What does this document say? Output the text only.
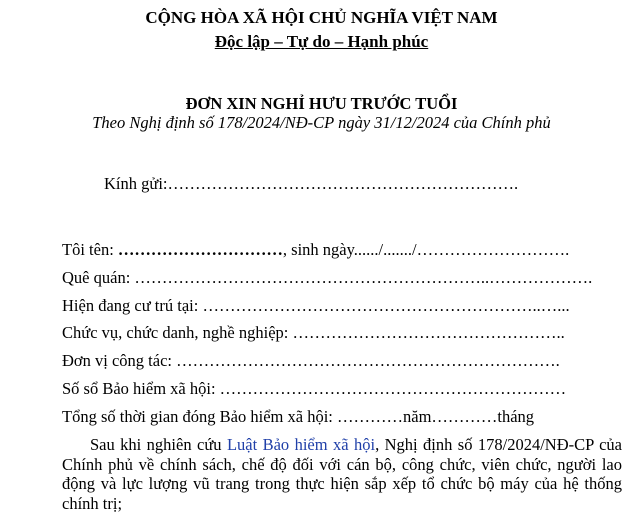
CỘNG HÒA XÃ HỘI CHỦ NGHĨA VIỆT NAM
Độc lập – Tự do – Hạnh phúc
ĐƠN XIN NGHỈ HƯU TRƯỚC TUỔI
Theo Nghị định số 178/2024/NĐ-CP ngày 31/12/2024 của Chính phủ
Kính gửi:……………………………………………………….
Tôi tên: …………………………, sinh ngày....../......./……………………….
Quê quán: ………………………………………………………..……………….
Hiện đang cư trú tại: ……………………………………………………..…...
Chức vụ, chức danh, nghề nghiệp: …………………………………………..
Đơn vị công tác: …………………………………………………………….
Số sổ Bảo hiểm xã hội: ………………………………………………………
Tổng số thời gian đóng Bảo hiểm xã hội: …………năm…………tháng
Sau khi nghiên cứu Luật Bảo hiểm xã hội, Nghị định số 178/2024/NĐ-CP của Chính phủ về chính sách, chế độ đối với cán bộ, công chức, viên chức, người lao động và lực lượng vũ trang trong thực hiện sắp xếp tổ chức bộ máy của hệ thống chính trị;
